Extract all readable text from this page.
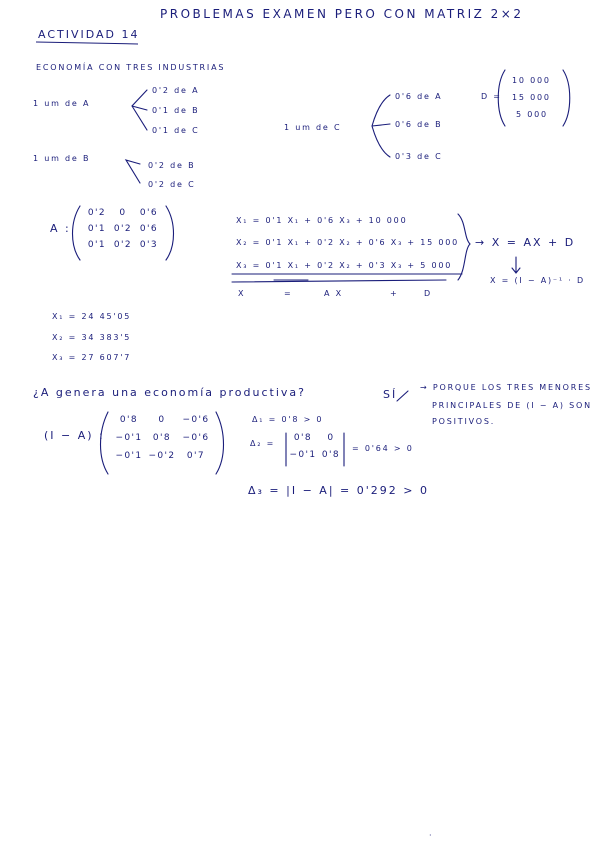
PROBLEMAS EXAMEN PERO CON MATRIZ 2×2
ACTIVIDAD 14
ECONOMÍA CON TRES INDUSTRIAS
1 um de A
0'2 de A
0'1 de B
0'1 de C
1 um de B
0'2 de B
0'2 de C
1 um de C
0'6 de A
0'6 de B
0'3 de C
D =
10 000
15 000
5 000
A :
0'2	0	0'6
0'1 0'2 0'6
0'1 0'2 0'3
X₁ = 0'1 X₁ + 0'6 X₃ + 10 000
X₂ = 0'1 X₁ + 0'2 X₂ + 0'6 X₃ + 15 000
X₃ = 0'1 X₁ + 0'2 X₂ + 0'3 X₃ + 5 000
X	=	A X	+	D
→ X = AX + D
X = (I − A)⁻¹ · D
X₁ = 24 45'05
X₂ = 34 383'5
X₃ = 27 607'7
¿A genera una economía productiva?	SÍ
→ PORQUE LOS TRES MENORES
PRINCIPALES DE (I − A) SON
POSITIVOS.
(I − A) :
0'8	0	−0'6
−0'1	0'8	−0'6
−0'1 −0'2	0'7
Δ₁ = 0'8 > 0
Δ₂ =
0'8	0
−0'1 0'8
= 0'64 > 0
Δ₃ = |I − A| = 0'292 > 0
·
